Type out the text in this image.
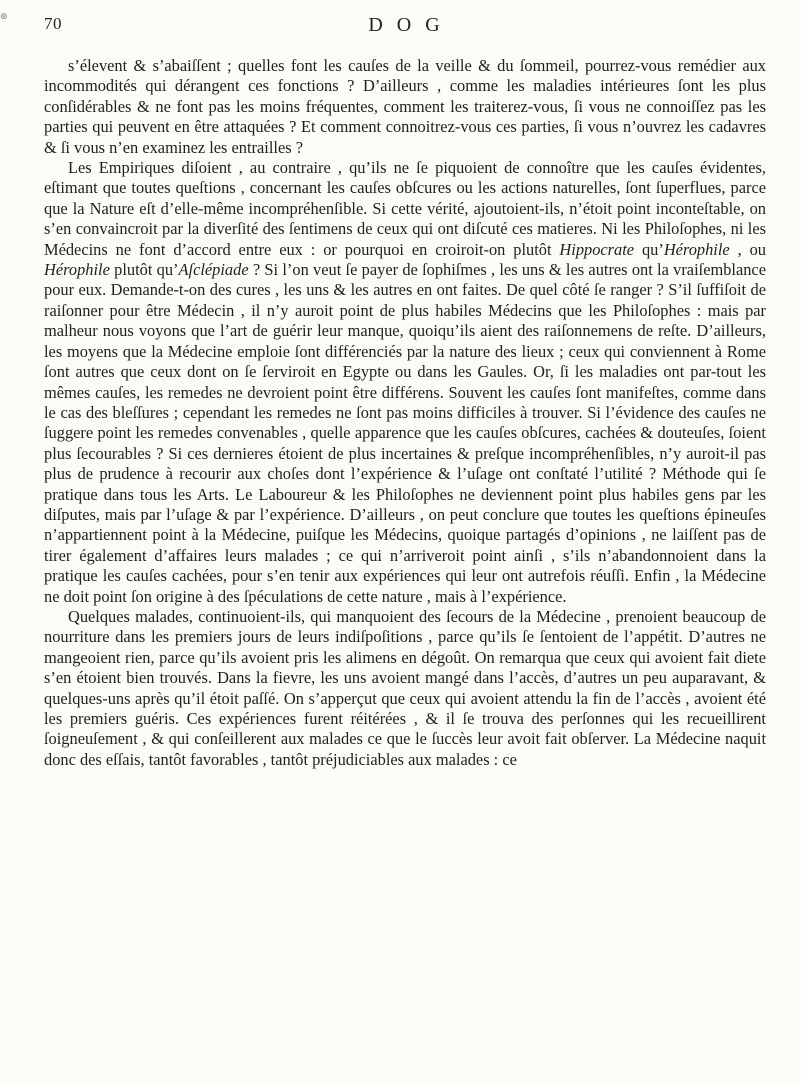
⊛ 70	DOG

s’élevent & s’abaiſſent ; quelles font les cauſes de la veille & du ſommeil, pourrez-vous remédier aux incommodités qui dérangent ces fonctions ? D’ailleurs , comme les maladies intérieures ſont les plus conſidérables & ne font pas les moins fréquentes, comment les traiterez-vous, ſi vous ne connoiſſez pas les parties qui peuvent en être attaquées ? Et comment connoitrez-vous ces parties, ſi vous n’ouvrez les cadavres & ſi vous n’en examinez les entrailles ?

Les Empiriques diſoient , au contraire , qu’ils ne ſe piquoient de connoître que les cauſes évidentes, eſtimant que toutes queſtions , concernant les cauſes obſcures ou les actions naturelles, ſont ſuperflues, parce que la Nature eſt d’elle-même incompréhenſible. Si cette vérité, ajoutoient-ils, n’étoit point inconteſtable, on s’en convaincroit par la diverſité des ſentimens de ceux qui ont diſcuté ces matieres. Ni les Philoſophes, ni les Médecins ne font d’accord entre eux : or pourquoi en croiroit-on plutôt Hippocrate qu’Hérophile , ou Hérophile plutôt qu’Aſclépiade ? Si l’on veut ſe payer de ſophiſmes , les uns & les autres ont la vraiſemblance pour eux. Demande-t-on des cures , les uns & les autres en ont faites. De quel côté ſe ranger ? S’il ſuffiſoit de raiſonner pour être Médecin , il n’y auroit point de plus habiles Médecins que les Philoſophes : mais par malheur nous voyons que l’art de guérir leur manque, quoiqu’ils aient des raiſonnemens de reſte. D’ailleurs, les moyens que la Médecine emploie ſont différenciés par la nature des lieux ; ceux qui conviennent à Rome ſont autres que ceux dont on ſe ſerviroit en Egypte ou dans les Gaules. Or, ſi les maladies ont par-tout les mêmes cauſes, les remedes ne devroient point être différens. Souvent les cauſes ſont manifeſtes, comme dans le cas des bleſſures ; cependant les remedes ne ſont pas moins difficiles à trouver. Si l’évidence des cauſes ne ſuggere point les remedes convenables , quelle apparence que les cauſes obſcures, cachées & douteuſes, ſoient plus ſecourables ? Si ces dernieres étoient de plus incertaines & preſque incompréhenſibles, n’y auroit-il pas plus de prudence à recourir aux choſes dont l’expérience & l’uſage ont conſtaté l’utilité ? Méthode qui ſe pratique dans tous les Arts. Le Laboureur & les Philoſophes ne deviennent point plus habiles gens par les diſputes, mais par l’uſage & par l’expérience. D’ailleurs , on peut conclure que toutes les queſtions épineuſes n’appartiennent point à la Médecine, puiſque les Médecins, quoique partagés d’opinions , ne laiſſent pas de tirer également d’affaires leurs malades ; ce qui n’arriveroit point ainſi , s’ils n’abandonnoient dans la pratique les cauſes cachées, pour s’en tenir aux expériences qui leur ont autrefois réuſſi. Enfin , la Médecine ne doit point ſon origine à des ſpéculations de cette nature , mais à l’expérience.

Quelques malades, continuoient-ils, qui manquoient des ſecours de la Médecine , prenoient beaucoup de nourriture dans les premiers jours de leurs indiſpoſitions , parce qu’ils ſe ſentoient de l’appétit. D’autres ne mangeoient rien, parce qu’ils avoient pris les alimens en dégoût. On remarqua que ceux qui avoient fait diete s’en étoient bien trouvés. Dans la fievre, les uns avoient mangé dans l’accès, d’autres un peu auparavant, & quelques-uns après qu’il étoit paſſé. On s’apperçut que ceux qui avoient attendu la fin de l’accès , avoient été les premiers guéris. Ces expériences furent réitérées , & il ſe trouva des perſonnes qui les recueillirent ſoigneuſement , & qui conſeillerent aux malades ce que le ſuccès leur avoit fait obſerver. La Médecine naquit donc des eſſais, tantôt favorables , tantôt préjudiciables aux malades : ce
